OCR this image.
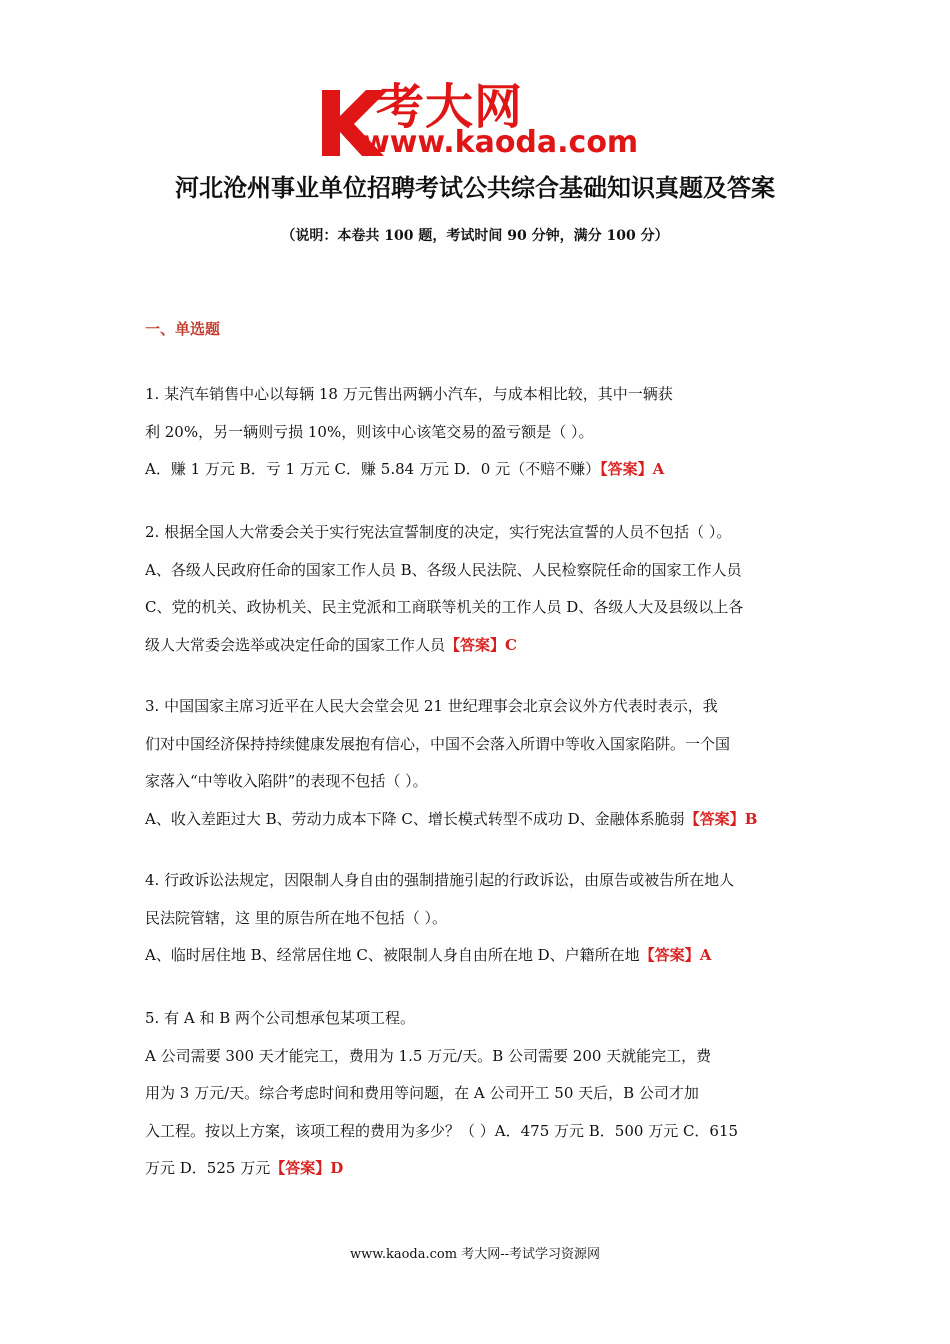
考大网
www.kaoda.com
河北沧州事业单位招聘考试公共综合基础知识真题及答案
（说明：本卷共 100 题，考试时间 90 分钟，满分 100 分）
一、单选题

1. 某汽车销售中心以每辆 18 万元售出两辆小汽车，与成本相比较，其中一辆获

利 20%，另一辆则亏损 10%，则该中心该笔交易的盈亏额是（ ）。

A．赚 1 万元 B．亏 1 万元 C．赚 5.84 万元 D．0 元（不赔不赚）【答案】A

2. 根据全国人大常委会关于实行宪法宣誓制度的决定，实行宪法宣誓的人员不包括（ ）。

A、各级人民政府任命的国家工作人员 B、各级人民法院、人民检察院任命的国家工作人员

C、党的机关、政协机关、民主党派和工商联等机关的工作人员 D、各级人大及县级以上各

级人大常委会选举或决定任命的国家工作人员【答案】C

3. 中国国家主席习近平在人民大会堂会见 21 世纪理事会北京会议外方代表时表示，我

们对中国经济保持持续健康发展抱有信心，中国不会落入所谓中等收入国家陷阱。一个国

家落入“中等收入陷阱”的表现不包括（ ）。

A、收入差距过大 B、劳动力成本下降 C、增长模式转型不成功 D、金融体系脆弱【答案】B

4. 行政诉讼法规定，因限制人身自由的强制措施引起的行政诉讼，由原告或被告所在地人

民法院管辖，这 里的原告所在地不包括（ ）。

A、临时居住地 B、经常居住地 C、被限制人身自由所在地 D、户籍所在地【答案】A

5. 有 A 和 B 两个公司想承包某项工程。

A 公司需要 300 天才能完工，费用为 1.5 万元/天。B 公司需要 200 天就能完工，费

用为 3 万元/天。综合考虑时间和费用等问题，在 A 公司开工 50 天后，B 公司才加

入工程。按以上方案，该项工程的费用为多少？（ ）A．475 万元 B．500 万元 C．615

万元 D．525 万元【答案】D

www.kaoda.com 考大网--考试学习资源网
